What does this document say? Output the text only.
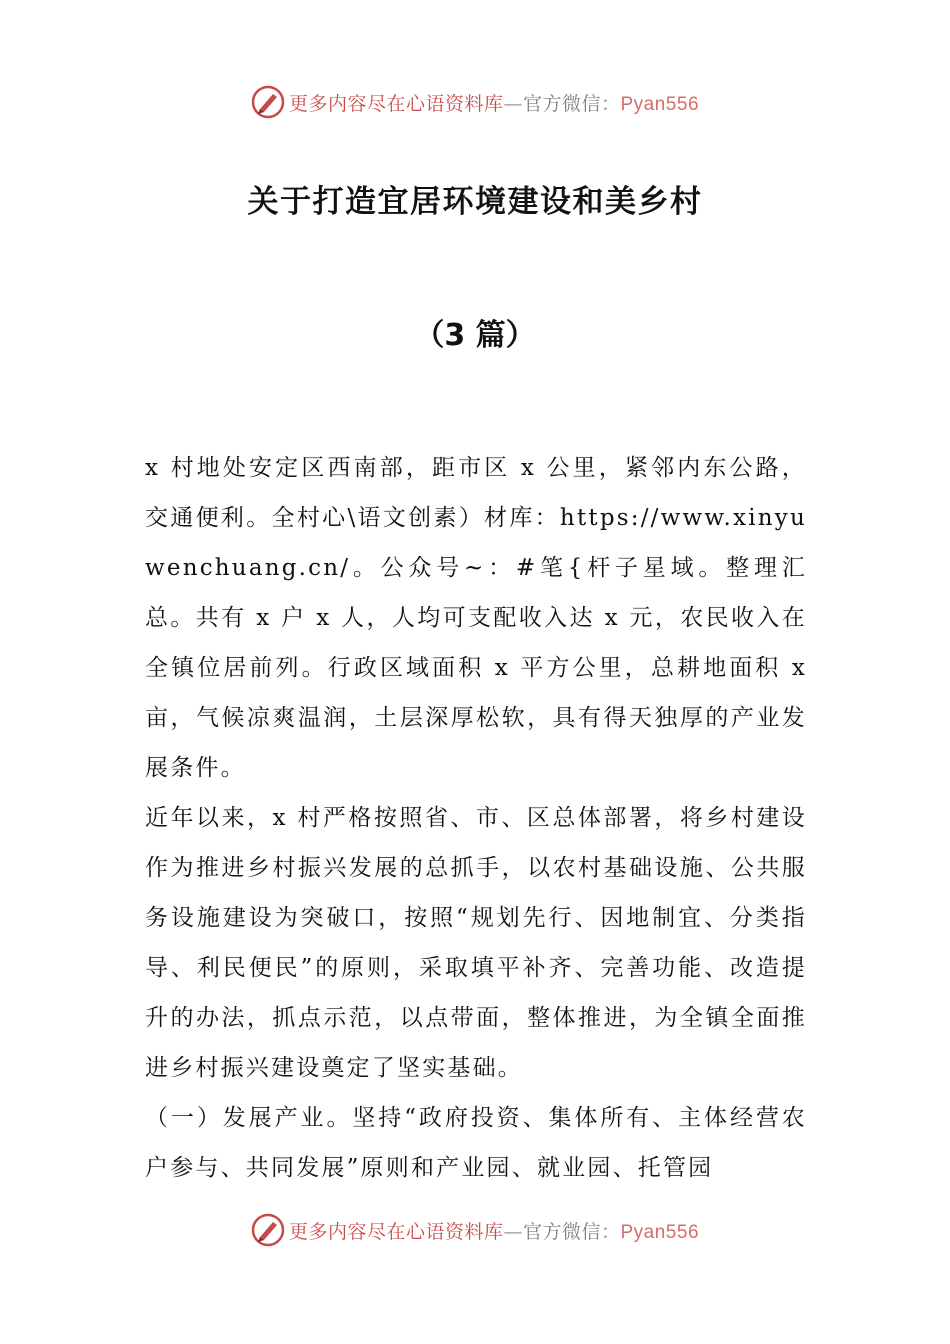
更多内容尽在心语资料库—官方微信：Pyan556
关于打造宜居环境建设和美乡村
（3 篇）

x 村地处安定区西南部，距市区 x 公里，紧邻内东公路，交通便利。全村心\语文创素）材库：https://www.xinyuwenchuang.cn/。公众号~：#笔{杆子星域。整理汇总。共有 x 户 x 人，人均可支配收入达 x 元，农民收入在全镇位居前列。行政区域面积 x 平方公里，总耕地面积 x 亩，气候凉爽温润，土层深厚松软，具有得天独厚的产业发展条件。

近年以来，x 村严格按照省、市、区总体部署，将乡村建设作为推进乡村振兴发展的总抓手，以农村基础设施、公共服务设施建设为突破口，按照“规划先行、因地制宜、分类指导、利民便民”的原则，采取填平补齐、完善功能、改造提升的办法，抓点示范，以点带面，整体推进，为全镇全面推进乡村振兴建设奠定了坚实基础。

（一）发展产业。坚持“政府投资、集体所有、主体经营农户参与、共同发展”原则和产业园、就业园、托管园

更多内容尽在心语资料库—官方微信：Pyan556
